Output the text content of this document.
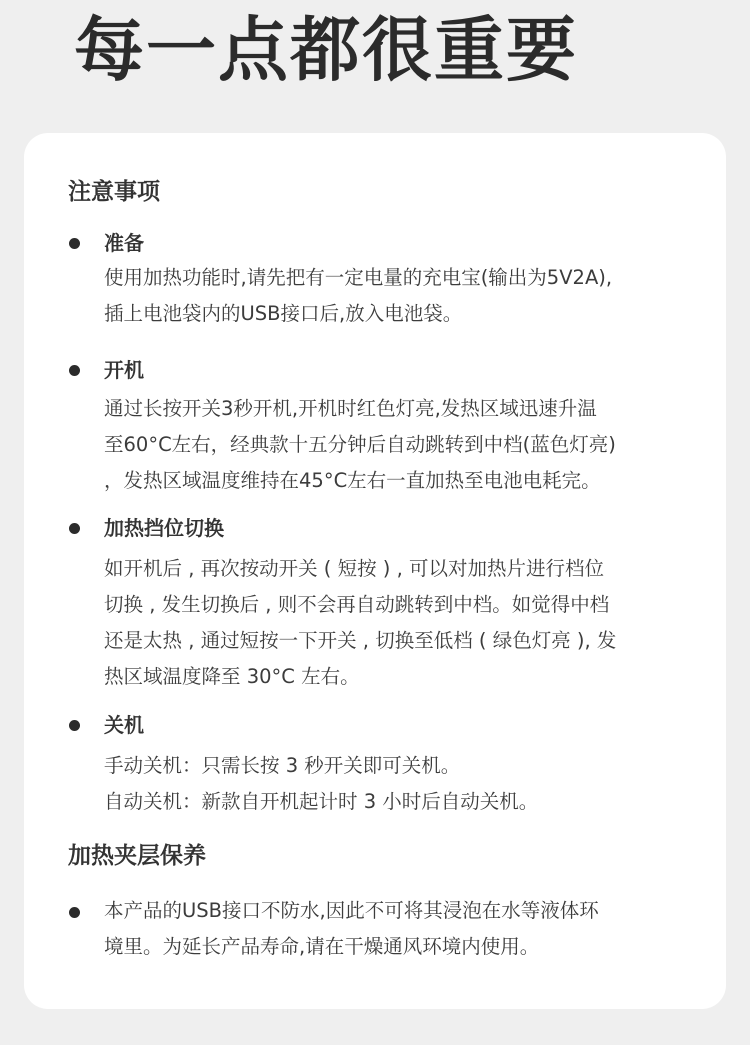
每一点都很重要
注意事项
准备
使用加热功能时,请先把有一定电量的充电宝(输出为5V2A),
插上电池袋内的USB接口后,放入电池袋。
开机
通过长按开关3秒开机,开机时红色灯亮,发热区域迅速升温
至60°C左右，经典款十五分钟后自动跳转到中档(蓝色灯亮)
，发热区域温度维持在45°C左右一直加热至电池电耗完。
加热挡位切换
如开机后 , 再次按动开关 ( 短按 ) , 可以对加热片进行档位
切换 , 发生切换后 , 则不会再自动跳转到中档。如觉得中档
还是太热 , 通过短按一下开关 , 切换至低档 ( 绿色灯亮 ), 发
热区域温度降至 30°C 左右。
关机
手动关机：只需长按 3 秒开关即可关机。
自动关机：新款自开机起计时 3 小时后自动关机。
加热夹层保养
本产品的USB接口不防水,因此不可将其浸泡在水等液体环
境里。为延长产品寿命,请在干燥通风环境内使用。
